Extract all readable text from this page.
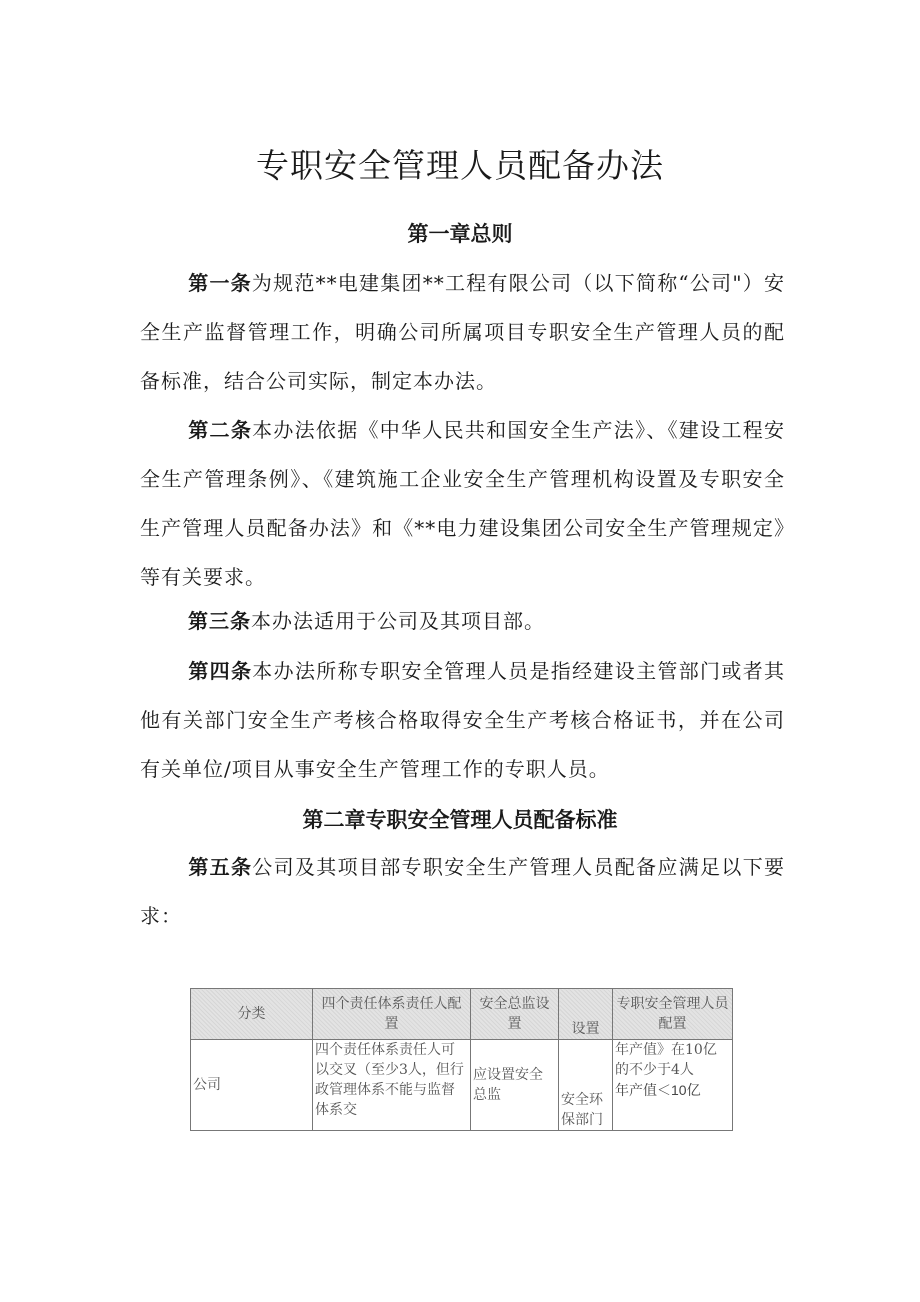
专职安全管理人员配备办法
第一章总则

第一条为规范**电建集团**工程有限公司（以下简称“公司"）安全生产监督管理工作，明确公司所属项目专职安全生产管理人员的配备标准，结合公司实际，制定本办法。

第二条本办法依据《中华人民共和国安全生产法》、《建设工程安全生产管理条例》、《建筑施工企业安全生产管理机构设置及专职安全生产管理人员配备办法》和《**电力建设集团公司安全生产管理规定》等有关要求。

第三条本办法适用于公司及其项目部。

第四条本办法所称专职安全管理人员是指经建设主管部门或者其他有关部门安全生产考核合格取得安全生产考核合格证书，并在公司有关单位/项目从事安全生产管理工作的专职人员。

第二章专职安全管理人员配备标准

第五条公司及其项目部专职安全生产管理人员配备应满足以下要求：

分类	四个责任体系责任人配置	安全总监设置	设置	专职安全管理人员配置
公司	四个责任体系责任人可以交叉（至少3人，但行政管理体系不能与监督体系交	应设置安全总监	安全环保部门	年产值》在10亿的不少于4人
年产值＜10亿
